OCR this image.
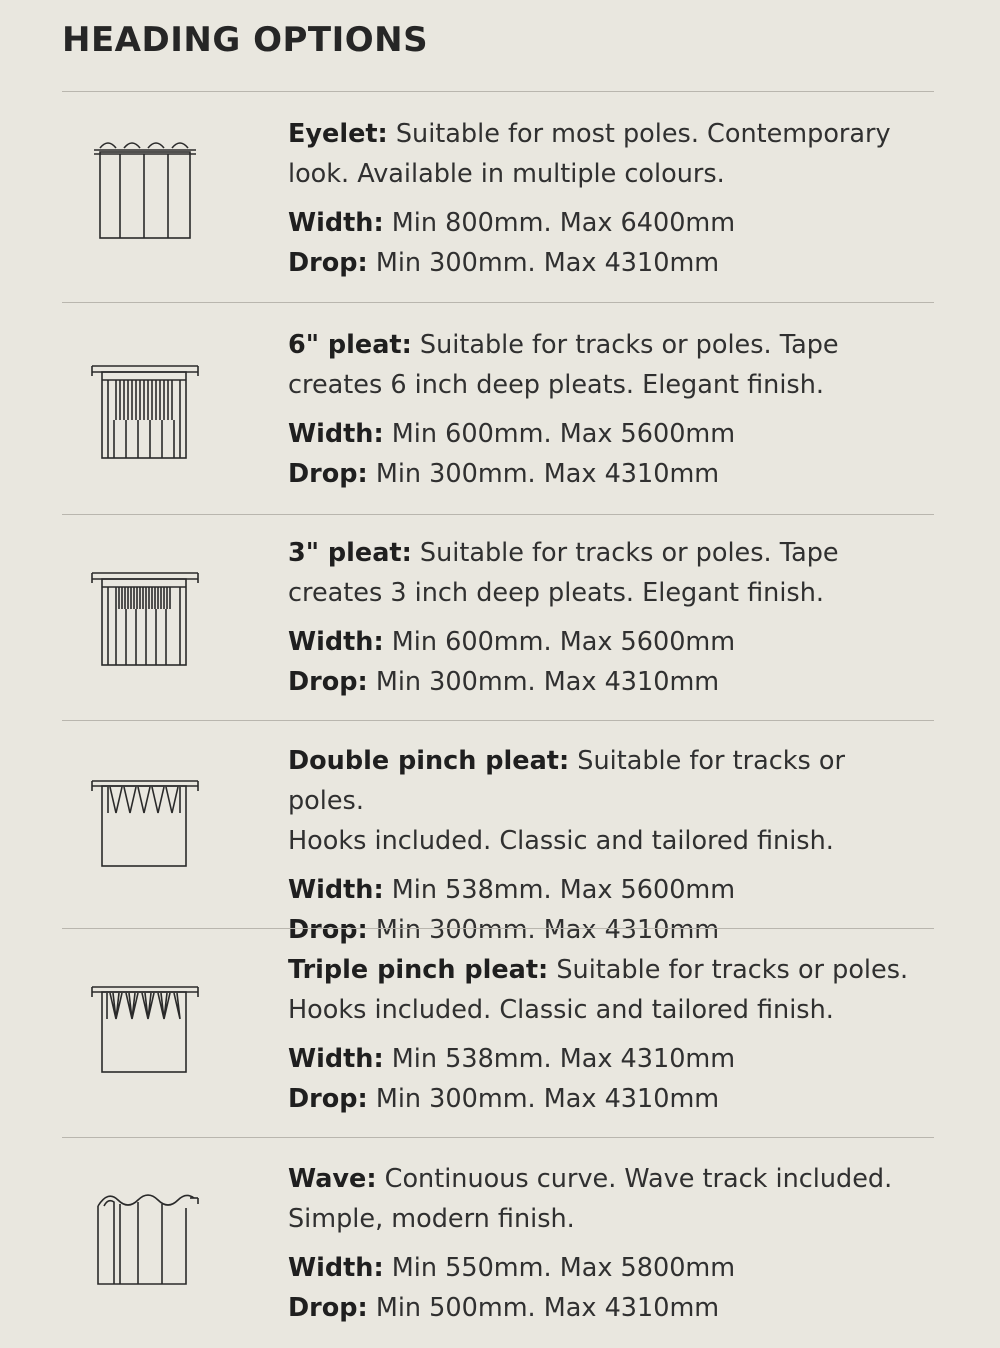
HEADING OPTIONS

Eyelet: Suitable for most poles. Contemporary
look. Available in multiple colours.

Width: Min 800mm. Max 6400mm

Drop: Min 300mm. Max 4310mm

6" pleat: Suitable for tracks or poles. Tape
creates 6 inch deep pleats. Elegant finish.

Width: Min 600mm. Max 5600mm

Drop: Min 300mm. Max 4310mm

3" pleat: Suitable for tracks or poles. Tape
creates 3 inch deep pleats. Elegant finish.

Width: Min 600mm. Max 5600mm

Drop: Min 300mm. Max 4310mm

Double pinch pleat: Suitable for tracks or poles.
Hooks included. Classic and tailored finish.

Width: Min 538mm. Max 5600mm

Drop: Min 300mm. Max 4310mm

Triple pinch pleat: Suitable for tracks or poles.
Hooks included. Classic and tailored finish.

Width: Min 538mm. Max 4310mm

Drop: Min 300mm. Max 4310mm

Wave: Continuous curve. Wave track included.
Simple, modern finish.

Width: Min 550mm. Max 5800mm

Drop: Min 500mm. Max 4310mm
